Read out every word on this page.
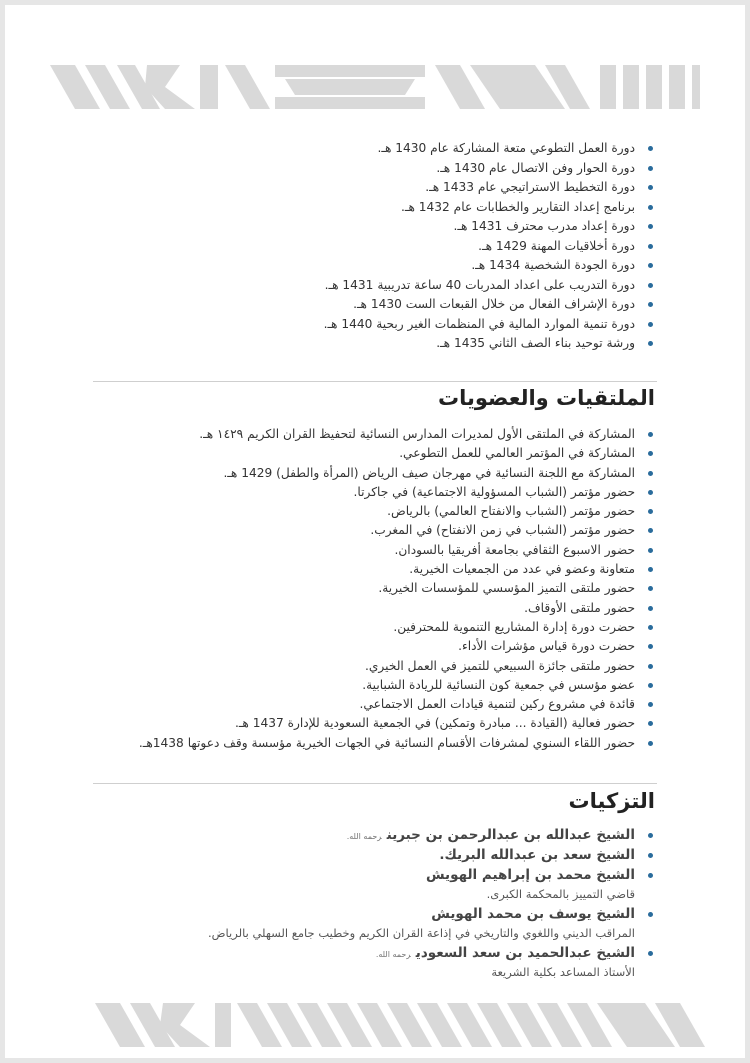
دورة العمل التطوعي متعة المشاركة عام 1430 هـ.
دورة الحوار وفن الاتصال عام 1430 هـ.
دورة التخطيط الاستراتيجي عام 1433 هـ.
برنامج إعداد التقارير والخطابات عام 1432 هـ.
دورة إعداد مدرب محترف 1431 هـ.
دورة أخلاقيات المهنة 1429 هـ.
دورة الجودة الشخصية 1434 هـ.
دورة التدريب على اعداد المدربات 40 ساعة تدريبية 1431 هـ.
دورة الإشراف الفعال من خلال القبعات الست 1430 هـ.
دورة تنمية الموارد المالية في المنظمات الغير ربحية 1440 هـ.
ورشة توحيد بناء الصف الثاني 1435 هـ.
الملتقيات والعضويات
المشاركة في الملتقى الأول لمديرات المدارس النسائية لتحفيظ القران الكريم ١٤٢٩ هـ.
المشاركة في المؤتمر العالمي للعمل التطوعي.
المشاركة مع اللجنة النسائية في مهرجان صيف الرياض (المرأة والطفل) 1429 هـ.
حضور مؤتمر (الشباب المسؤولية الاجتماعية) في جاكرتا.
حضور مؤتمر (الشباب والانفتاح العالمي) بالرياض.
حضور مؤتمر (الشباب في زمن الانفتاح) في المغرب.
حضور الاسبوع الثقافي بجامعة أفريقيا بالسودان.
متعاونة وعضو في عدد من الجمعيات الخيرية.
حضور ملتقى التميز المؤسسي للمؤسسات الخيرية.
حضور ملتقى الأوقاف.
حضرت دورة إدارة المشاريع التنموية للمحترفين.
حضرت دورة قياس مؤشرات الأداء.
حضور ملتقى جائزة السبيعي للتميز في العمل الخيري.
عضو مؤسس في جمعية كون النسائية للريادة الشبابية.
قائدة في مشروع ركين لتنمية قيادات العمل الاجتماعي.
حضور فعالية (القيادة ... مبادرة وتمكين) في الجمعية السعودية للإدارة 1437 هـ.
حضور اللقاء السنوي لمشرفات الأقسام النسائية في الجهات الخيرية مؤسسة وقف دعوتها 1438هـ.
التزكيات
الشيخ عبدالله بن عبدالرحمن بن جبرينرحمه الله.
الشيخ سعد بن عبدالله البريك.
الشيخ محمد بن إبراهيم الهويش
قاضي التمييز بالمحكمة الكبرى.
الشيخ يوسف بن محمد الهويش
المراقب الديني واللغوي والتاريخي في إذاعة القران الكريم وخطيب جامع السهلي بالرياض.
الشيخ عبدالحميد بن سعد السعوديرحمه الله.
الأستاذ المساعد بكلية الشريعة
